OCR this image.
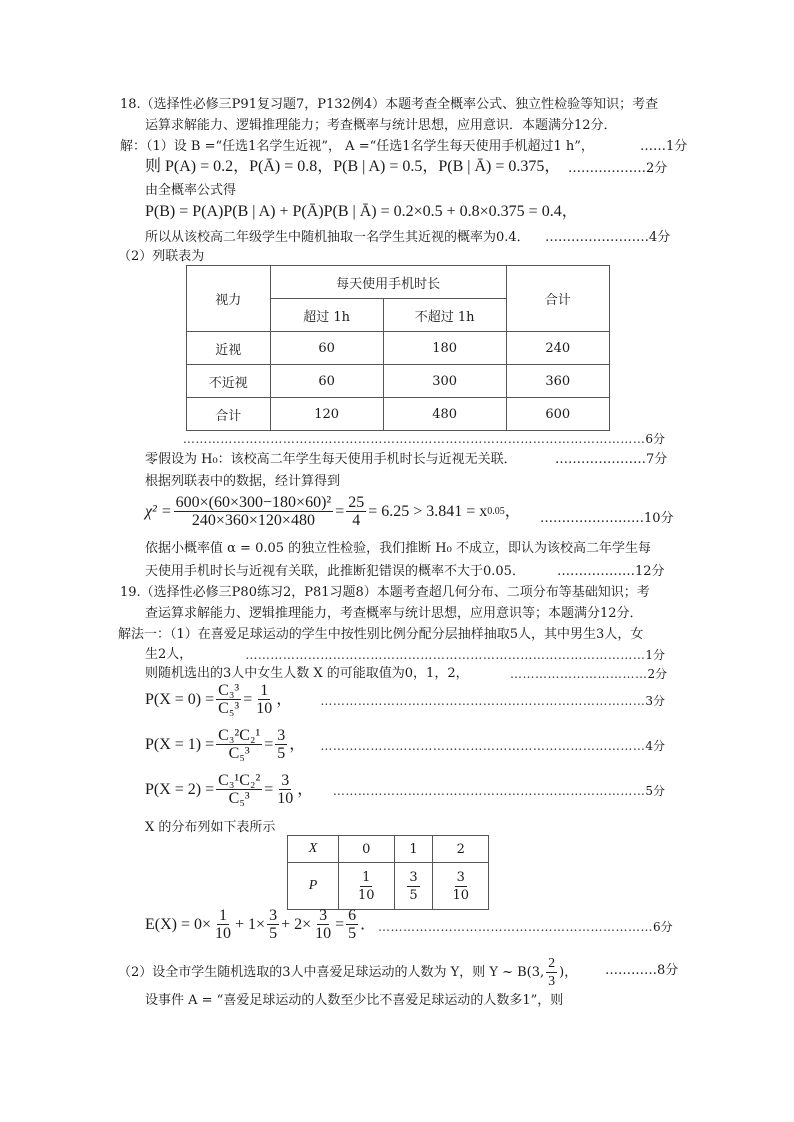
18.（选择性必修三P91复习题7，P132例4）本题考查全概率公式、独立性检验等知识；考查
运算求解能力、逻辑推理能力；考查概率与统计思想，应用意识．本题满分12分．
解：（1）设 B =“任选1名学生近视”， A =“任选1名学生每天使用手机超过1 h”，	……1分
则 P(A) = 0.2，P(Ā) = 0.8，P(B | A) = 0.5，P(B | Ā) = 0.375， ………………2分
由全概率公式得
P(B) = P(A)P(B | A) + P(Ā)P(B | Ā) = 0.2×0.5 + 0.8×0.375 = 0.4，
所以从该校高二年级学生中随机抽取一名学生其近视的概率为0.4． ……………………4分
（2）列联表为
视力	每天使用手机时长		合计
	超过 1h	不超过 1h	
近视	60	180	240
不近视	60	300	360
合计	120	480	600
…………………………………………………………………………………………………6分
零假设为 H₀：该校高二年学生每天使用手机时长与近视无关联．	…………………7分
根据列联表中的数据，经计算得到
$\chi^2 = \frac{\text{600×(60×300−180×60)²}}{240\times 360\times 120\times 480} = \frac{25}{4} = 6.25 > 3.841 = x$ 0.05 ， ……………………10分
依据小概率值 α = 0.05 的独立性检验，我们推断 H₀ 不成立，即认为该校高二年学生每
天使用手机时长与近视有关联，此推断犯错误的概率不大于0.05． ………………12分
19.（选择性必修三P80练习2，P81习题8）本题考查超几何分布、二项分布等基础知识；考
查运算求解能力、逻辑推理能力，考查概率与统计思想，应用意识等；本题满分12分．
解法一：（1）在喜爱足球运动的学生中按性别比例分配分层抽样抽取5人，其中男生3人，女
生2人，	……………………………………………………………………………………1分
则随机选出的3人中女生人数 X 的可能取值为0，1，2，	……………………………2分
$P(X = 0) = \frac{\text{C₃³}}{\text{C₅³}} = \frac{1}{10}$ ，	……………………………………………………………………3分
$P(X = 1) = \frac{\text{C₃²C₂¹}}{\text{C₅³}} = \frac{3}{5}$ ，	……………………………………………………………………4分
$P(X = 2) = \frac{\text{C₃¹C₂²}}{\text{C₅³}} = \frac{3}{10}$ ，	…………………………………………………………………5分
X 的分布列如下表所示
X	0	1	2
P	$\frac{1}{10}$	$\frac{3}{5}$	$\frac{3}{10}$
$E(X) = 0\times \frac{1}{10} + 1\times \frac{3}{5} + 2\times \frac{3}{10} = \frac{6}{5}$ ． …………………………………………………………6分
（2）设全市学生随机选取的3人中喜爱足球运动的人数为 Y，则 Y ~ B(3, $\frac{2}{3}$ )， …………8分
设事件 A = “喜爱足球运动的人数至少比不喜爱足球运动的人数多1”，则
